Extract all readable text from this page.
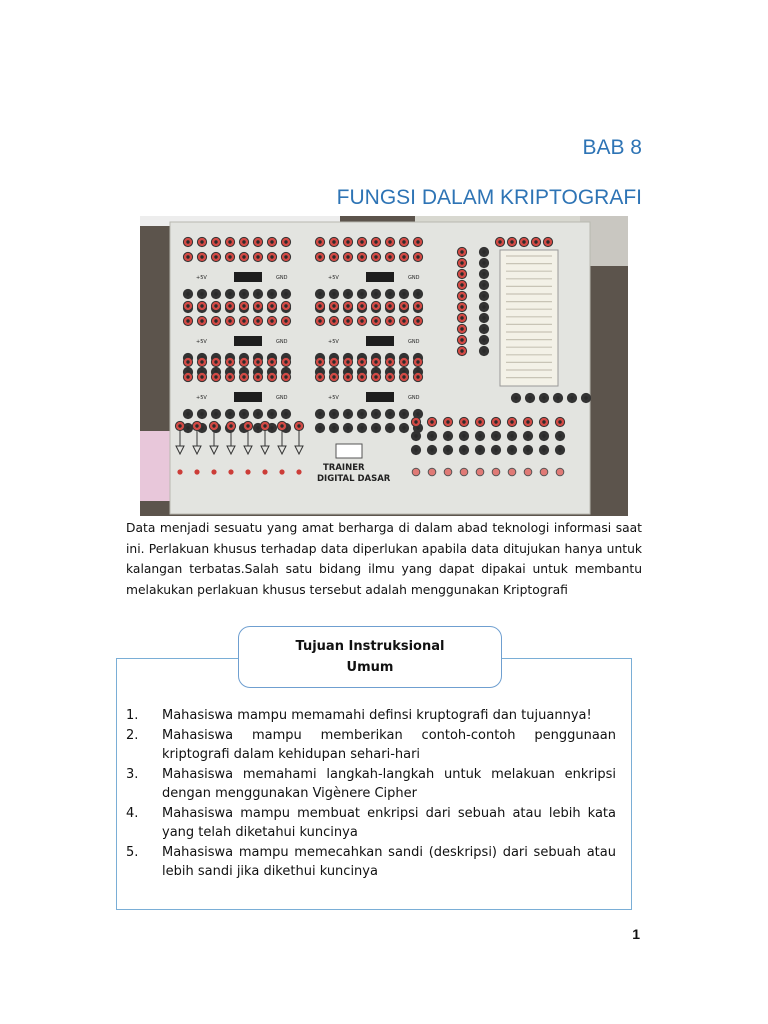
BAB 8
FUNGSI DALAM KRIPTOGRAFI
+5V	GND	+5V	GND
+5V	GND	+5V	GND
+5V	GND	+5V	GND
TRAINER
DIGITAL DASAR
Data menjadi sesuatu yang amat berharga di dalam abad teknologi informasi saat ini. Perlakuan khusus terhadap data diperlukan apabila data ditujukan hanya untuk kalangan terbatas.Salah satu bidang ilmu yang dapat dipakai untuk membantu melakukan perlakuan khusus tersebut adalah menggunakan Kriptografi
Tujuan Instruksional
Umum
1.	Mahasiswa mampu memamahi definsi kruptografi dan tujuannya!
2.	Mahasiswa mampu memberikan contoh-contoh penggunaan kriptografi dalam kehidupan sehari-hari
3.	Mahasiswa memahami langkah-langkah untuk melakuan enkripsi dengan menggunakan Vigènere Cipher
4.	Mahasiswa mampu membuat enkripsi dari sebuah atau lebih kata yang telah diketahui kuncinya
5.	Mahasiswa mampu memecahkan sandi (deskripsi) dari sebuah atau lebih sandi jika dikethui kuncinya
1
